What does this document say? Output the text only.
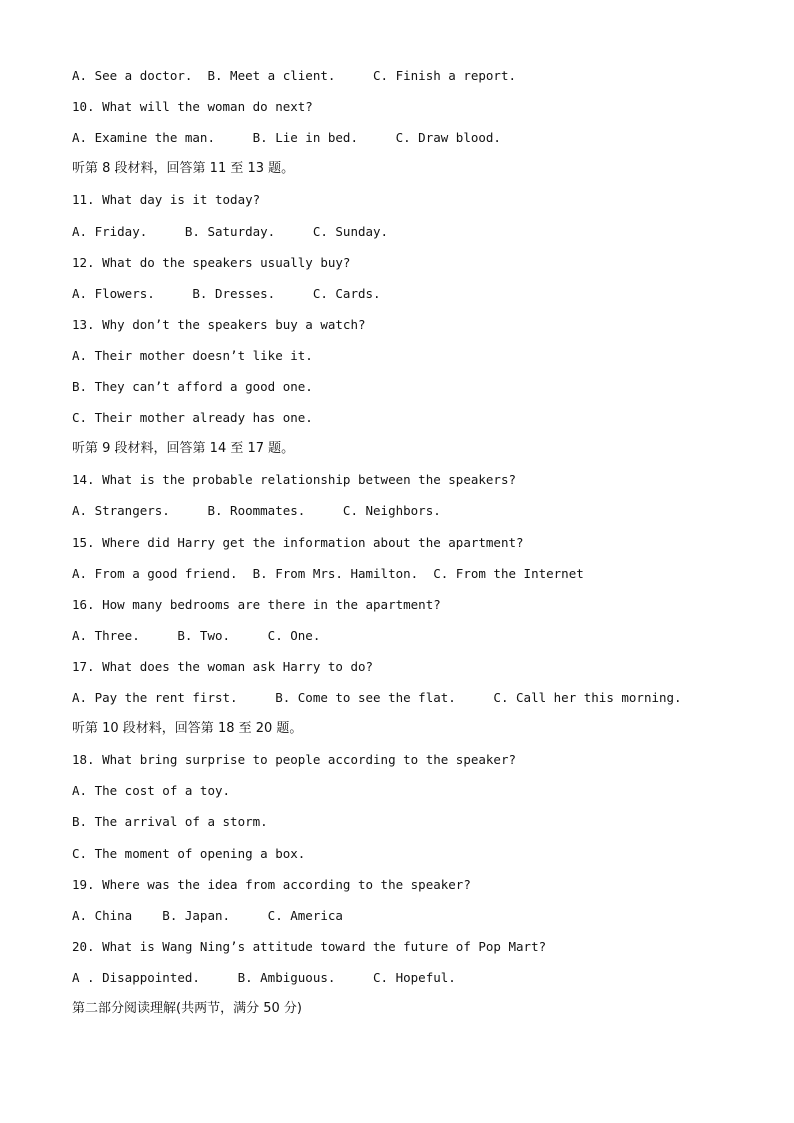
A. See a doctor.  B. Meet a client.     C. Finish a report.
10. What will the woman do next?
A. Examine the man.     B. Lie in bed.     C. Draw blood.
听第 8 段材料，回答第 11 至 13 题。
11. What day is it today?
A. Friday.     B. Saturday.     C. Sunday.
12. What do the speakers usually buy?
A. Flowers.     B. Dresses.     C. Cards.
13. Why don’t the speakers buy a watch?
A. Their mother doesn’t like it.
B. They can’t afford a good one.
C. Their mother already has one.
听第 9 段材料，回答第 14 至 17 题。
14. What is the probable relationship between the speakers?
A. Strangers.     B. Roommates.     C. Neighbors.
15. Where did Harry get the information about the apartment?
A. From a good friend.  B. From Mrs. Hamilton.  C. From the Internet
16. How many bedrooms are there in the apartment?
A. Three.     B. Two.     C. One.
17. What does the woman ask Harry to do?
A. Pay the rent first.     B. Come to see the flat.     C. Call her this morning.
听第 10 段材料，回答第 18 至 20 题。
18. What bring surprise to people according to the speaker?
A. The cost of a toy.
B. The arrival of a storm.
C. The moment of opening a box.
19. Where was the idea from according to the speaker?
A. China    B. Japan.     C. America
20. What is Wang Ning’s attitude toward the future of Pop Mart?
A . Disappointed.     B. Ambiguous.     C. Hopeful.
第二部分阅读理解(共两节，满分 50 分)
